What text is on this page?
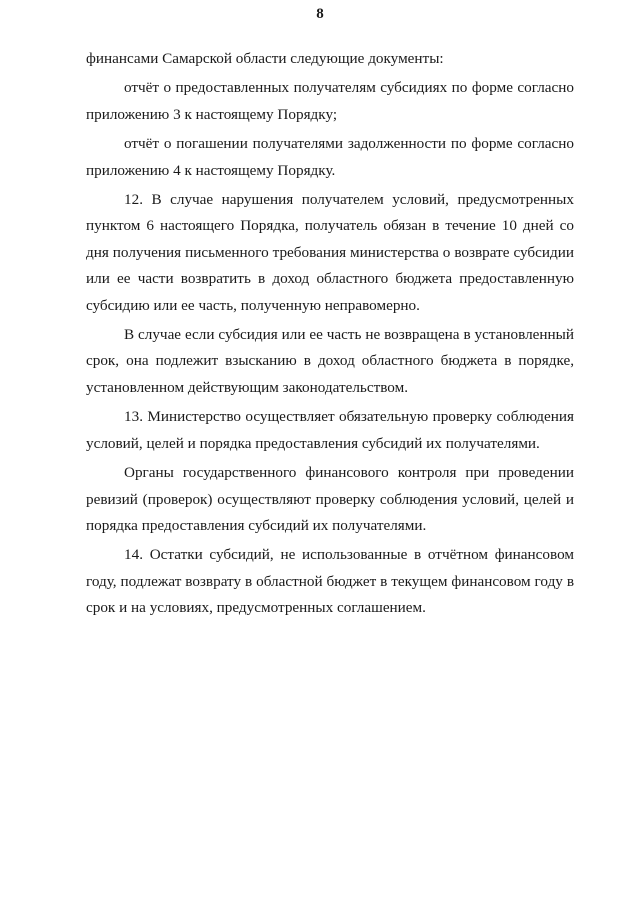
8

финансами Самарской области следующие документы:

отчёт о предоставленных получателям субсидиях по форме согласно приложению 3 к настоящему Порядку;

отчёт о погашении получателями задолженности по форме согласно приложению 4 к настоящему Порядку.

12. В случае нарушения получателем условий, предусмотренных пунктом 6 настоящего Порядка, получатель обязан в течение 10 дней со дня получения письменного требования министерства о возврате субсидии или ее части возвратить в доход областного бюджета предоставленную субсидию или ее часть, полученную неправомерно.

В случае если субсидия или ее часть не возвращена в установленный срок, она подлежит взысканию в доход областного бюджета в порядке, установленном действующим законодательством.

13. Министерство осуществляет обязательную проверку соблюдения условий, целей и порядка предоставления субсидий их получателями.

Органы государственного финансового контроля при проведении ревизий (проверок) осуществляют проверку соблюдения условий, целей и порядка предоставления субсидий их получателями.

14. Остатки субсидий, не использованные в отчётном финансовом году, подлежат возврату в областной бюджет в текущем финансовом году в срок и на условиях, предусмотренных соглашением.
